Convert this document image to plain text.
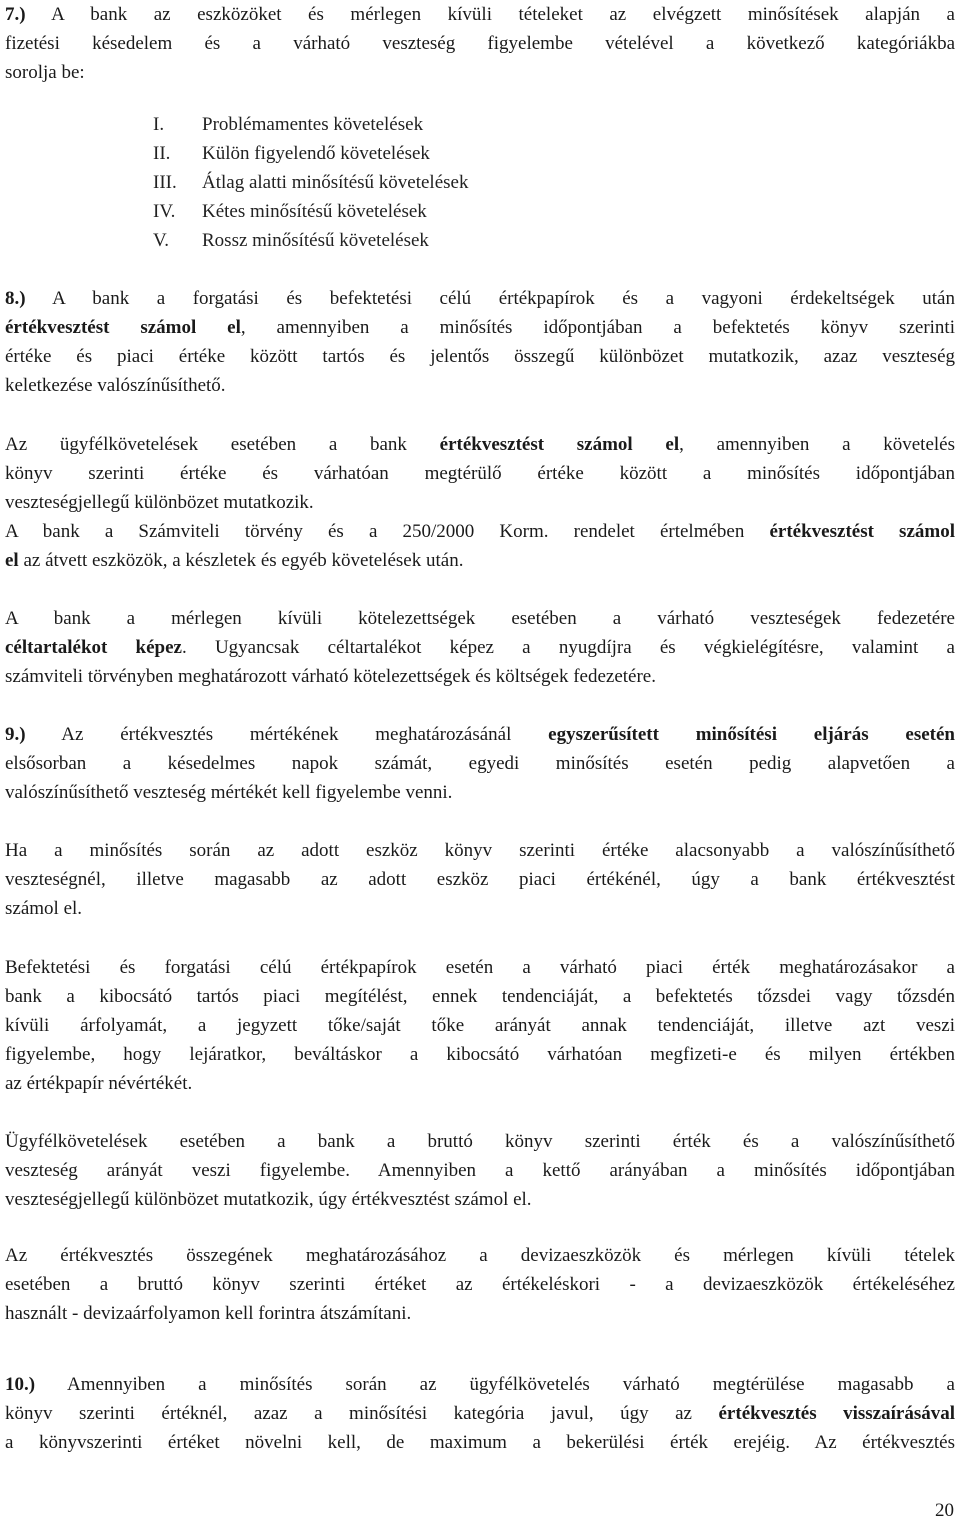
7.) A bank az eszközöket és mérlegen kívüli tételeket az elvégzett minősítések alapján a
fizetési késedelem és a várható veszteség figyelembe vételével a következő kategóriákba
sorolja be:
I.	Problémamentes követelések
II.	Külön figyelendő követelések
III.	Átlag alatti minősítésű követelések
IV.	Kétes minősítésű követelések
V.	Rossz minősítésű követelések
8.) A bank a forgatási és befektetési célú értékpapírok és a vagyoni érdekeltségek után
értékvesztést számol el, amennyiben a minősítés időpontjában a befektetés könyv szerinti
értéke és piaci értéke között tartós és jelentős összegű különbözet mutatkozik, azaz veszteség
keletkezése valószínűsíthető.
Az ügyfélkövetelések esetében a bank értékvesztést számol el, amennyiben a követelés
könyv szerinti értéke és várhatóan megtérülő értéke között a minősítés időpontjában
veszteségjellegű különbözet mutatkozik.
A bank a Számviteli törvény és a 250/2000 Korm. rendelet értelmében értékvesztést számol
el az átvett eszközök, a készletek és egyéb követelések után.
A bank a mérlegen kívüli kötelezettségek esetében a várható veszteségek fedezetére
céltartalékot képez. Ugyancsak céltartalékot képez a nyugdíjra és végkielégítésre, valamint a
számviteli törvényben meghatározott várható kötelezettségek és költségek fedezetére.
9.) Az értékvesztés mértékének meghatározásánál egyszerűsített minősítési eljárás esetén
elsősorban a késedelmes napok számát, egyedi minősítés esetén pedig alapvetően a
valószínűsíthető veszteség mértékét kell figyelembe venni.
Ha a minősítés során az adott eszköz könyv szerinti értéke alacsonyabb a valószínűsíthető
veszteségnél, illetve magasabb az adott eszköz piaci értékénél, úgy a bank értékvesztést
számol el.
Befektetési és forgatási célú értékpapírok esetén a várható piaci érték meghatározásakor a
bank a kibocsátó tartós piaci megítélést, ennek tendenciáját, a befektetés tőzsdei vagy tőzsdén
kívüli árfolyamát, a jegyzett tőke/saját tőke arányát annak tendenciáját, illetve azt veszi
figyelembe, hogy lejáratkor, beváltáskor a kibocsátó várhatóan megfizeti-e és milyen értékben
az értékpapír névértékét.
Ügyfélkövetelések esetében a bank a bruttó könyv szerinti érték és a valószínűsíthető
veszteség arányát veszi figyelembe. Amennyiben a kettő arányában a minősítés időpontjában
veszteségjellegű különbözet mutatkozik, úgy értékvesztést számol el.
Az értékvesztés összegének meghatározásához a devizaeszközök és mérlegen kívüli tételek
esetében a bruttó könyv szerinti értéket az értékeléskori - a devizaeszközök értékeléséhez
használt - devizaárfolyamon kell forintra átszámítani.
10.) Amennyiben a minősítés során az ügyfélkövetelés várható megtérülése magasabb a
könyv szerinti értéknél, azaz a minősítési kategória javul, úgy az értékvesztés visszaírásával
a könyvszerinti értéket növelni kell, de maximum a bekerülési érték erejéig. Az értékvesztés
20
